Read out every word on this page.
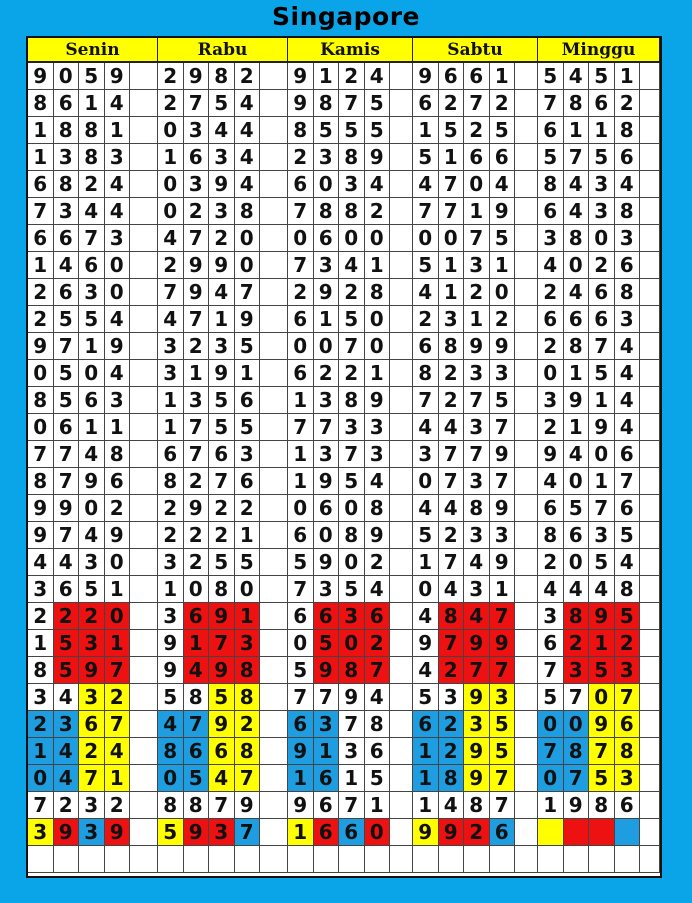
Singapore
Senin	Rabu	Kamis	Sabtu	Minggu
9 0 5 9	2 9 8 2	9 1 2 4	9 6 6 1	5 4 5 1
8 6 1 4	2 7 5 4	9 8 7 5	6 2 7 2	7 8 6 2
1 8 8 1	0 3 4 4	8 5 5 5	1 5 2 5	6 1 1 8
1 3 8 3	1 6 3 4	2 3 8 9	5 1 6 6	5 7 5 6
6 8 2 4	0 3 9 4	6 0 3 4	4 7 0 4	8 4 3 4
7 3 4 4	0 2 3 8	7 8 8 2	7 7 1 9	6 4 3 8
6 6 7 3	4 7 2 0	0 6 0 0	0 0 7 5	3 8 0 3
1 4 6 0	2 9 9 0	7 3 4 1	5 1 3 1	4 0 2 6
2 6 3 0	7 9 4 7	2 9 2 8	4 1 2 0	2 4 6 8
2 5 5 4	4 7 1 9	6 1 5 0	2 3 1 2	6 6 6 3
9 7 1 9	3 2 3 5	0 0 7 0	6 8 9 9	2 8 7 4
0 5 0 4	3 1 9 1	6 2 2 1	8 2 3 3	0 1 5 4
8 5 6 3	1 3 5 6	1 3 8 9	7 2 7 5	3 9 1 4
0 6 1 1	1 7 5 5	7 7 3 3	4 4 3 7	2 1 9 4
7 7 4 8	6 7 6 3	1 3 7 3	3 7 7 9	9 4 0 6
8 7 9 6	8 2 7 6	1 9 5 4	0 7 3 7	4 0 1 7
9 9 0 2	2 9 2 2	0 6 0 8	4 4 8 9	6 5 7 6
9 7 4 9	2 2 2 1	6 0 8 9	5 2 3 3	8 6 3 5
4 4 3 0	3 2 5 5	5 9 0 2	1 7 4 9	2 0 5 4
3 6 5 1	1 0 8 0	7 3 5 4	0 4 3 1	4 4 4 8
2 2 2 0	3 6 9 1	6 6 3 6	4 8 4 7	3 8 9 5
1 5 3 1	9 1 7 3	0 5 0 2	9 7 9 9	6 2 1 2
8 5 9 7	9 4 9 8	5 9 8 7	4 2 7 7	7 3 5 3
3 4 3 2	5 8 5 8	7 7 9 4	5 3 9 3	5 7 0 7
2 3 6 7	4 7 9 2	6 3 7 8	6 2 3 5	0 0 9 6
1 4 2 4	8 6 6 8	9 1 3 6	1 2 9 5	7 8 7 8
0 4 7 1	0 5 4 7	1 6 1 5	1 8 9 7	0 7 5 3
7 2 3 2	8 8 7 9	9 6 7 1	1 4 8 7	1 9 8 6
3 9 3 9	5 9 3 7	1 6 6 0	9 9 2 6
